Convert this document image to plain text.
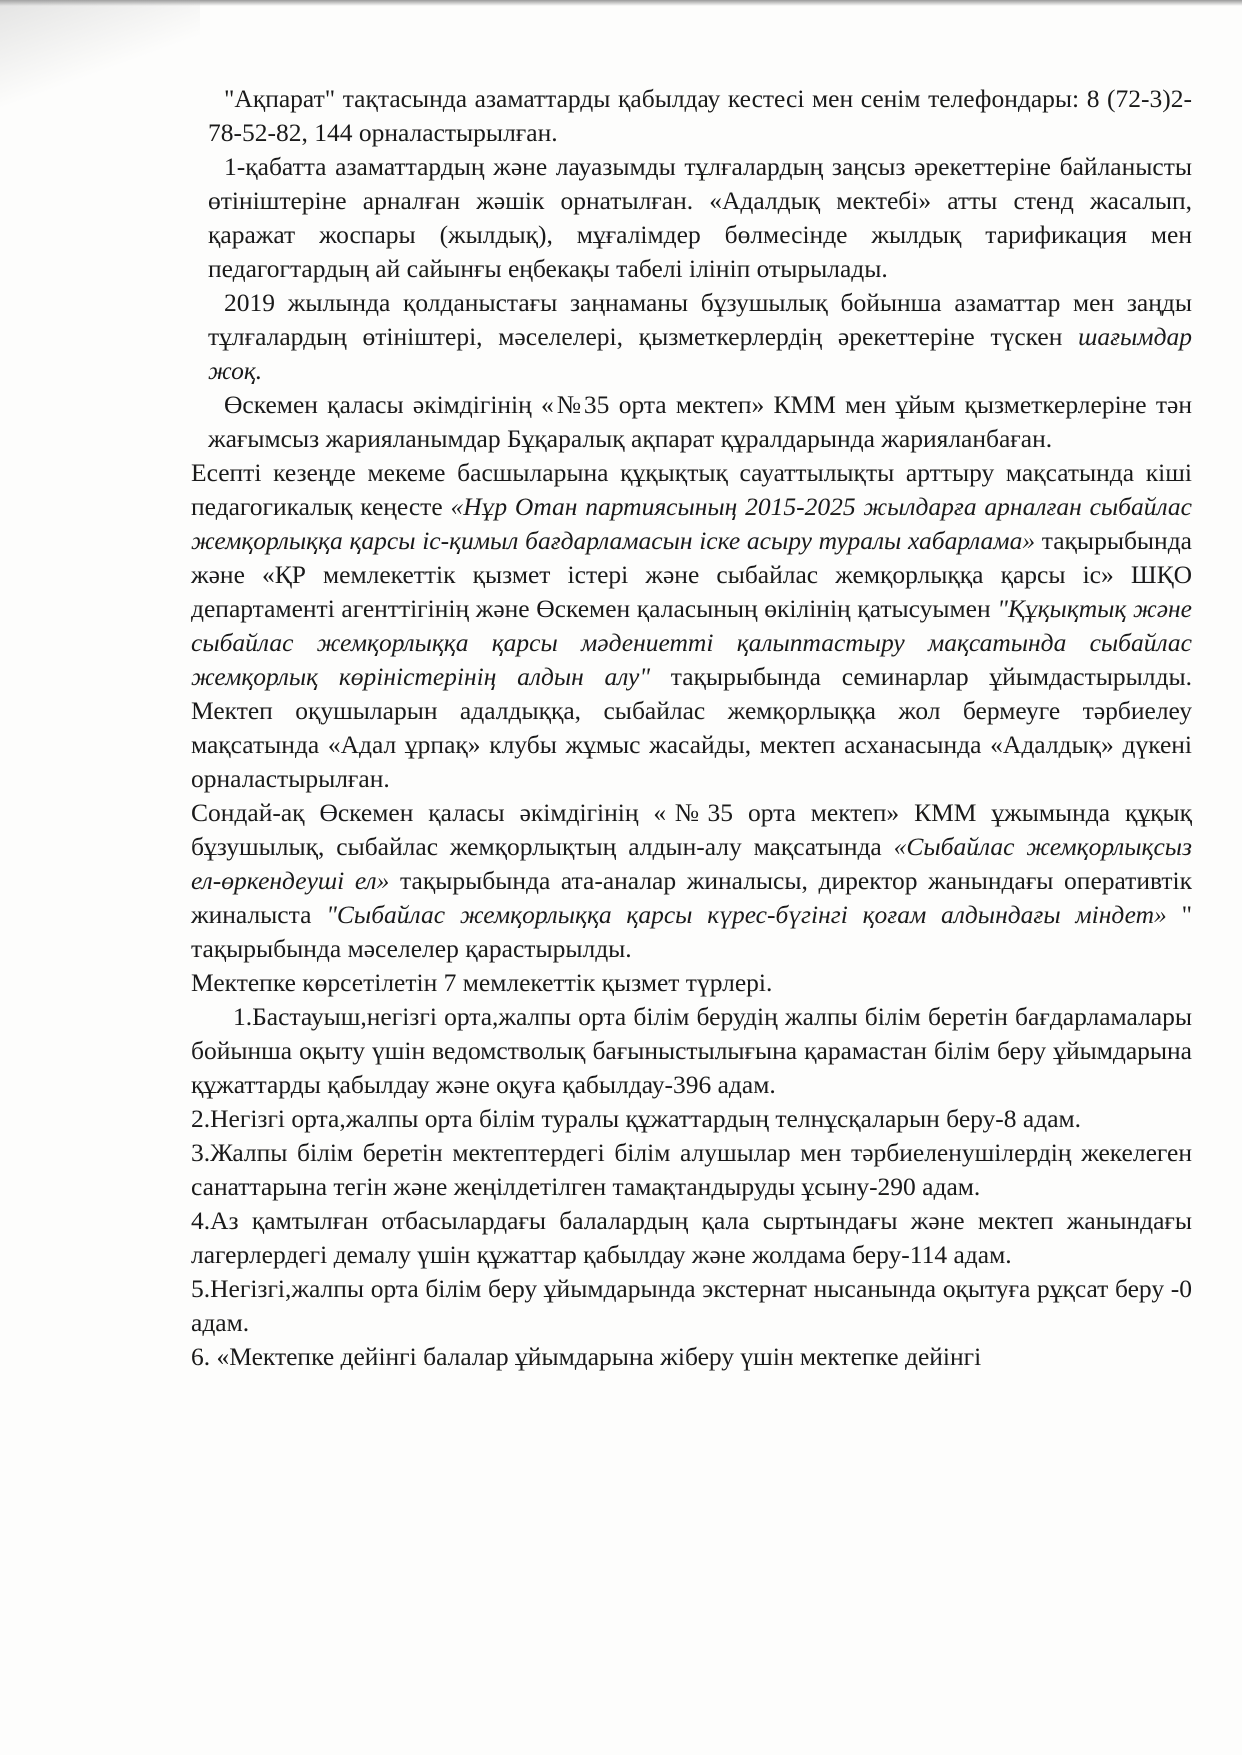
"Ақпарат" тақтасында азаматтарды қабылдау кестесі мен сенім телефондары: 8 (72-3)2-78-52-82, 144 орналастырылған.

1-қабатта азаматтардың және лауазымды тұлғалардың заңсыз әрекеттеріне байланысты өтініштеріне арналған жәшік орнатылған. «Адалдық мектебі» атты стенд жасалып, қаражат жоспары (жылдық), мұғалімдер бөлмесінде жылдық тарификация мен педагогтардың ай сайынғы еңбекақы табелі ілініп отырылады.

2019 жылында қолданыстағы заңнаманы бұзушылық бойынша азаматтар мен заңды тұлғалардың өтініштері, мәселелері, қызметкерлердің әрекеттеріне түскен шағымдар жоқ.

Өскемен қаласы әкімдігінің «№35 орта мектеп» КММ мен ұйым қызметкерлеріне тән жағымсыз жарияланымдар Бұқаралық ақпарат құралдарында жарияланбаған.

Есепті кезеңде мекеме басшыларына құқықтық сауаттылықты арттыру мақсатында кіші педагогикалық кеңесте «Нұр Отан партиясының 2015-2025 жылдарға арналған сыбайлас жемқорлыққа қарсы іс-қимыл бағдарламасын іске асыру туралы хабарлама» тақырыбында және «ҚР мемлекеттік қызмет істері және сыбайлас жемқорлыққа қарсы іс» ШҚО департаменті агенттігінің және Өскемен қаласының өкілінің қатысуымен "Құқықтық және сыбайлас жемқорлыққа қарсы мәдениетті қалыптастыру мақсатында сыбайлас жемқорлық көріністерінің алдын алу" тақырыбында семинарлар ұйымдастырылды. Мектеп оқушыларын адалдыққа, сыбайлас жемқорлыққа жол бермеуге тәрбиелеу мақсатында «Адал ұрпақ» клубы жұмыс жасайды, мектеп асханасында «Адалдық» дүкені орналастырылған.

Сондай-ақ Өскемен қаласы әкімдігінің «№35 орта мектеп» КММ ұжымында құқық бұзушылық, сыбайлас жемқорлықтың алдын-алу мақсатында «Сыбайлас жемқорлықсыз ел-өркендеуші ел» тақырыбында ата-аналар жиналысы, директор жанындағы оперативтік жиналыста "Сыбайлас жемқорлыққа қарсы күрес-бүгінгі қоғам алдындағы міндет» " тақырыбында мәселелер қарастырылды.

Мектепке көрсетілетін 7 мемлекеттік қызмет түрлері.

1.Бастауыш,негізгі орта,жалпы орта білім берудің жалпы білім беретін бағдарламалары бойынша оқыту үшін ведомстволық бағыныстылығына қарамастан білім беру ұйымдарына құжаттарды қабылдау және оқуға қабылдау-396 адам.

2.Негізгі орта,жалпы орта білім туралы құжаттардың телнұсқаларын беру-8 адам.

3.Жалпы білім беретін мектептердегі білім алушылар мен тәрбиеленушілердің жекелеген санаттарына тегін және жеңілдетілген тамақтандыруды ұсыну-290 адам.

4.Аз қамтылған отбасылардағы балалардың қала сыртындағы және мектеп жанындағы лагерлердегі демалу үшін құжаттар қабылдау және жолдама беру-114 адам.

5.Негізгі,жалпы орта білім беру ұйымдарында экстернат нысанында оқытуға рұқсат беру -0 адам.

6. «Мектепке дейінгі балалар ұйымдарына жіберу үшін мектепке дейінгі
